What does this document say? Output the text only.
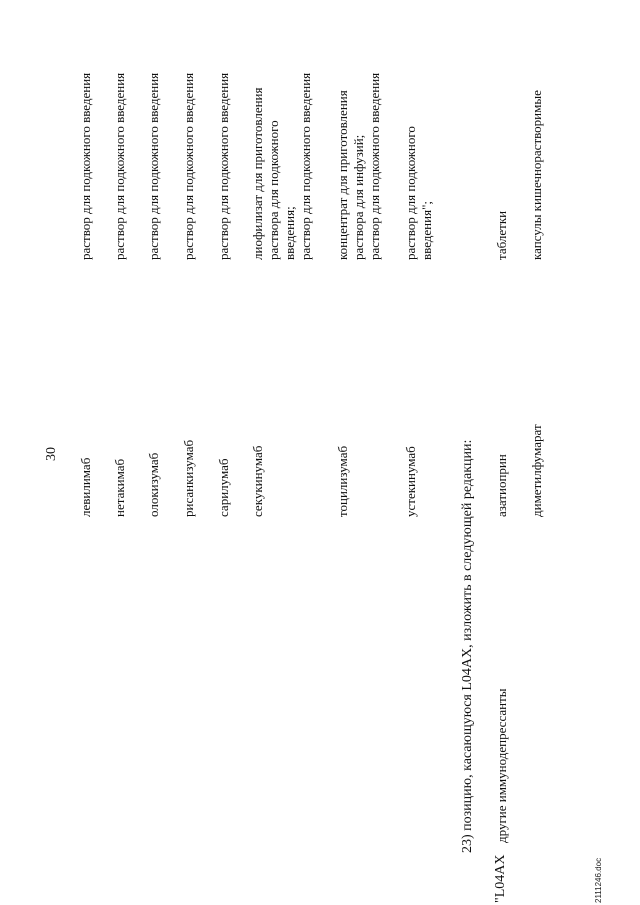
30
левилимаб нетакимаб олокизумаб рисанкизумаб сарилумаб секукинумаб	тоцилизумаб	устекинумаб
раствор для подкожного введения раствор для подкожного введения раствор для подкожного введения раствор для подкожного введения раствор для подкожного введения лиофилизат для приготовления раствора для подкожного введения; раствор для подкожного введения концентрат для приготовления раствора для инфузий; раствор для подкожного введения раствор для подкожного введения";
23) позицию, касающуюся L04AX, изложить в следующей редакции:
"L04AX
другие иммунодепрессанты
азатиоприн диметилфумарат
таблетки капсулы кишечнорастворимые
2111246.doc
